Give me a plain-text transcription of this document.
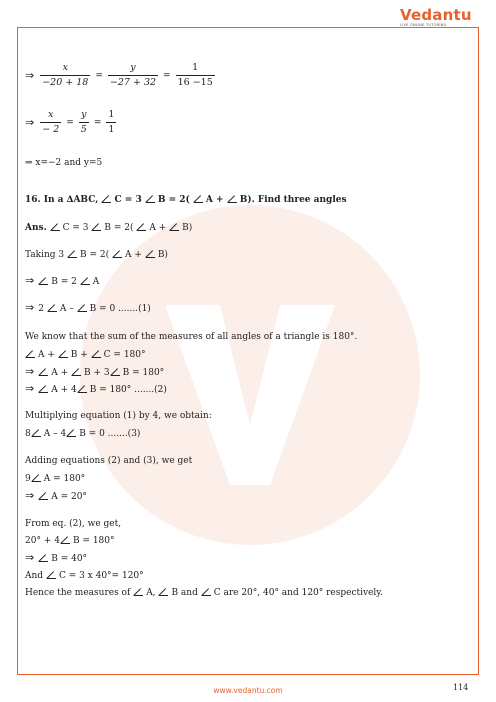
Vedantu
LIVE ONLINE TUTORING
⇒ $\frac{x}{-20 + 18} = \frac{y}{-27 + 32} = \frac{1}{16 -15}$
⇒ $\frac{x}{- 2} = \frac{y}{5} = \frac{1}{1}$
⇒ x=−2 and y=5
16. In a ∆ABC, C = 3 B = 2( A + B). Find three angles
Ans. C = 3 B = 2( A + B)
Taking 3 B = 2( A + B)
⇒ B = 2 A
⇒ 2 A – B = 0 .......(1)
We know that the sum of the measures of all angles of a triangle is 180°.
A + B + C = 180°
⇒ A + B + 3 B = 180°
⇒ A + 4 B = 180° .......(2)
Multiplying equation (1) by 4, we obtain:
8 A – 4 B = 0 .......(3)
Adding equations (2) and (3), we get
9 A = 180°
⇒ A = 20°
From eq. (2), we get,
20° + 4 B = 180°
⇒ B = 40°
And C = 3 x 40°= 120°
Hence the measures of A, B and C are 20°, 40° and 120° respectively.
www.vedantu.com	114
